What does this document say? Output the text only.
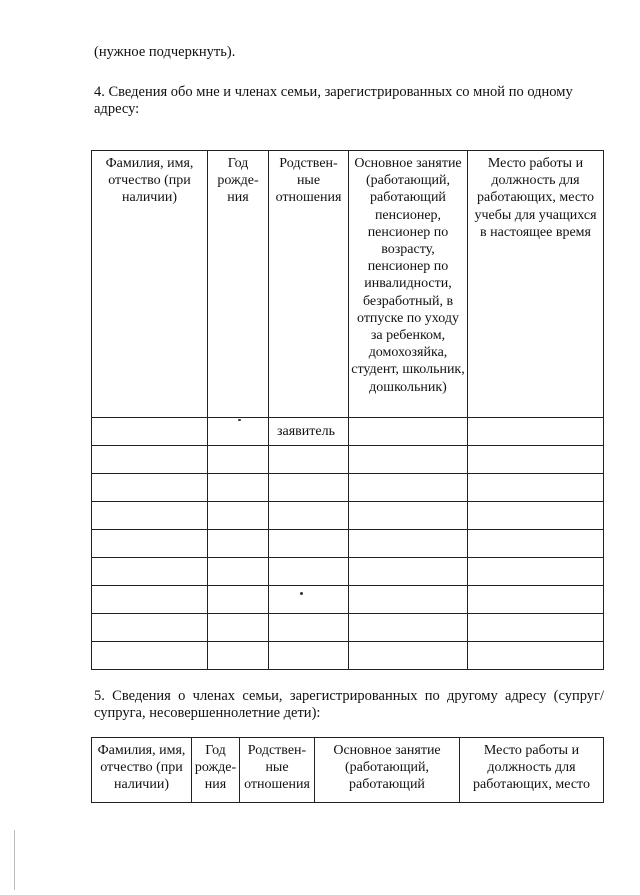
(нужное подчеркнуть).

4. Сведения обо мне и членах семьи, зарегистрированных со мной по одному адресу:

Фамилия, имя, отчество (при наличии)	Год рожде-ния	Родствен-ные отношения	Основное занятие (работающий, работающий пенсионер, пенсионер по возрасту, пенсионер по инвалидности, безработный, в отпуске по уходу за ребенком, домохозяйка, студент, школьник, дошкольник)	Место работы и должность для работающих, место учебы для учащихся в настоящее время
		заявитель		

5. Сведения о членах семьи, зарегистрированных по другому адресу (супруг/супруга, несовершеннолетние дети):

Фамилия, имя, отчество (при наличии)	Год рожде-ния	Родствен-ные отношения	Основное занятие (работающий, работающий	Место работы и должность для работающих, место
